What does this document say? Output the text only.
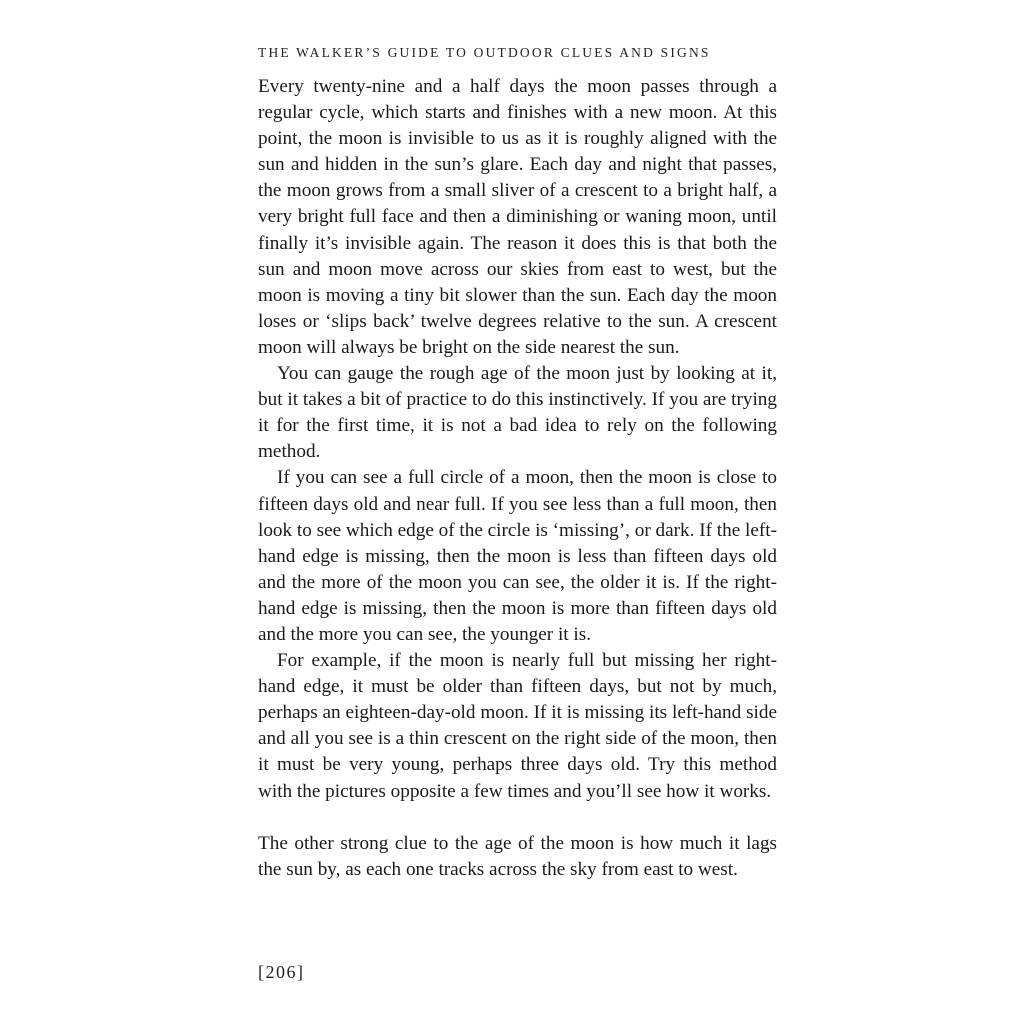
THE WALKER’S GUIDE TO OUTDOOR CLUES AND SIGNS

Every twenty-nine and a half days the moon passes through a regular cycle, which starts and finishes with a new moon. At this point, the moon is invisible to us as it is roughly aligned with the sun and hidden in the sun’s glare. Each day and night that passes, the moon grows from a small sliver of a crescent to a bright half, a very bright full face and then a diminishing or waning moon, until finally it’s invisible again. The reason it does this is that both the sun and moon move across our skies from east to west, but the moon is moving a tiny bit slower than the sun. Each day the moon loses or ‘slips back’ twelve degrees relative to the sun. A crescent moon will always be bright on the side nearest the sun.

You can gauge the rough age of the moon just by looking at it, but it takes a bit of practice to do this instinctively. If you are trying it for the first time, it is not a bad idea to rely on the following method.

If you can see a full circle of a moon, then the moon is close to fifteen days old and near full. If you see less than a full moon, then look to see which edge of the circle is ‘missing’, or dark. If the left-hand edge is missing, then the moon is less than fifteen days old and the more of the moon you can see, the older it is. If the right-hand edge is missing, then the moon is more than fifteen days old and the more you can see, the younger it is.

For example, if the moon is nearly full but missing her right-hand edge, it must be older than fifteen days, but not by much, perhaps an eighteen-day-old moon. If it is missing its left-hand side and all you see is a thin crescent on the right side of the moon, then it must be very young, perhaps three days old. Try this method with the pictures opposite a few times and you’ll see how it works.

The other strong clue to the age of the moon is how much it lags the sun by, as each one tracks across the sky from east to west.

[206]
